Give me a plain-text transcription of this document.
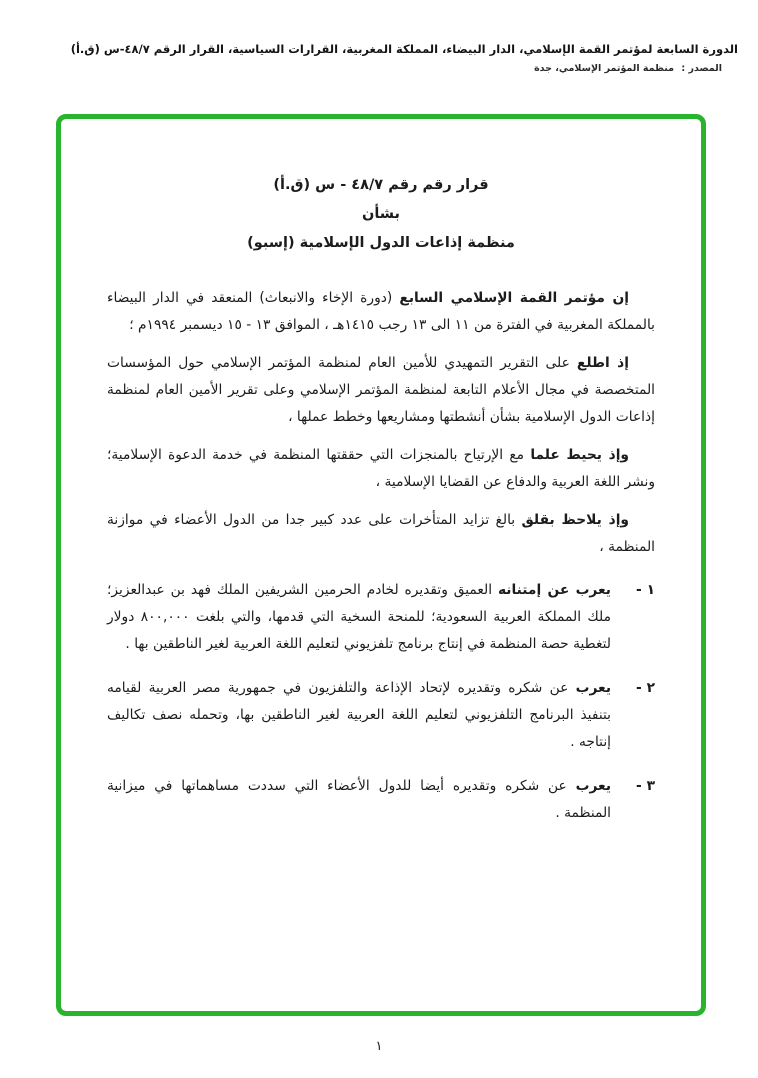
الدورة السابعة لمؤتمر القمة الإسلامي، الدار البيضاء، المملكة المغربية، القرارات السياسية، القرار الرقم ٤٨/٧-س (ق.أ)
المصدر : منظمة المؤتمر الإسلامي، جدة
قرار رقم رقم ٤٨/٧ - س (ق.أ)
بشأن
منظمة إذاعات الدول الإسلامية (إسبو)
إن مؤتمر القمة الإسلامي السابع (دورة الإخاء والانبعاث) المنعقد في الدار البيضاء بالمملكة المغربية في الفترة من ١١ الى ١٣ رجب ١٤١٥هـ ، الموافق ١٣ - ١٥ ديسمبر ١٩٩٤م ؛
إذ اطلع على التقرير التمهيدي للأمين العام لمنظمة المؤتمر الإسلامي حول المؤسسات المتخصصة في مجال الأعلام التابعة لمنظمة المؤتمر الإسلامي وعلى تقرير الأمين العام لمنظمة إذاعات الدول الإسلامية بشأن أنشطتها ومشاريعها وخطط عملها ،
وإذ يحيط علما مع الإرتياح بالمنجزات التي حققتها المنظمة في خدمة الدعوة الإسلامية؛ ونشر اللغة العربية والدفاع عن القضايا الإسلامية ،
وإذ يلاحظ بقلق بالغ تزايد المتأخرات على عدد كبير جدا من الدول الأعضاء في موازنة المنظمة ،
١ -
يعرب عن إمتنانه العميق وتقديره لخادم الحرمين الشريفين الملك فهد بن عبدالعزيز؛ ملك المملكة العربية السعودية؛ للمنحة السخية التي قدمها، والتي بلغت ٨٠٠,٠٠٠ دولار لتغطية حصة المنظمة في إنتاج برنامج تلفزيوني لتعليم اللغة العربية لغير الناطقين بها .
٢ -
يعرب عن شكره وتقديره لإتحاد الإذاعة والتلفزيون في جمهورية مصر العربية لقيامه بتنفيذ البرنامج التلفزيوني لتعليم اللغة العربية لغير الناطقين بها، وتحمله نصف تكاليف إنتاجه .
٣ -
يعرب عن شكره وتقديره أيضا للدول الأعضاء التي سددت مساهماتها في ميزانية المنظمة .
١
